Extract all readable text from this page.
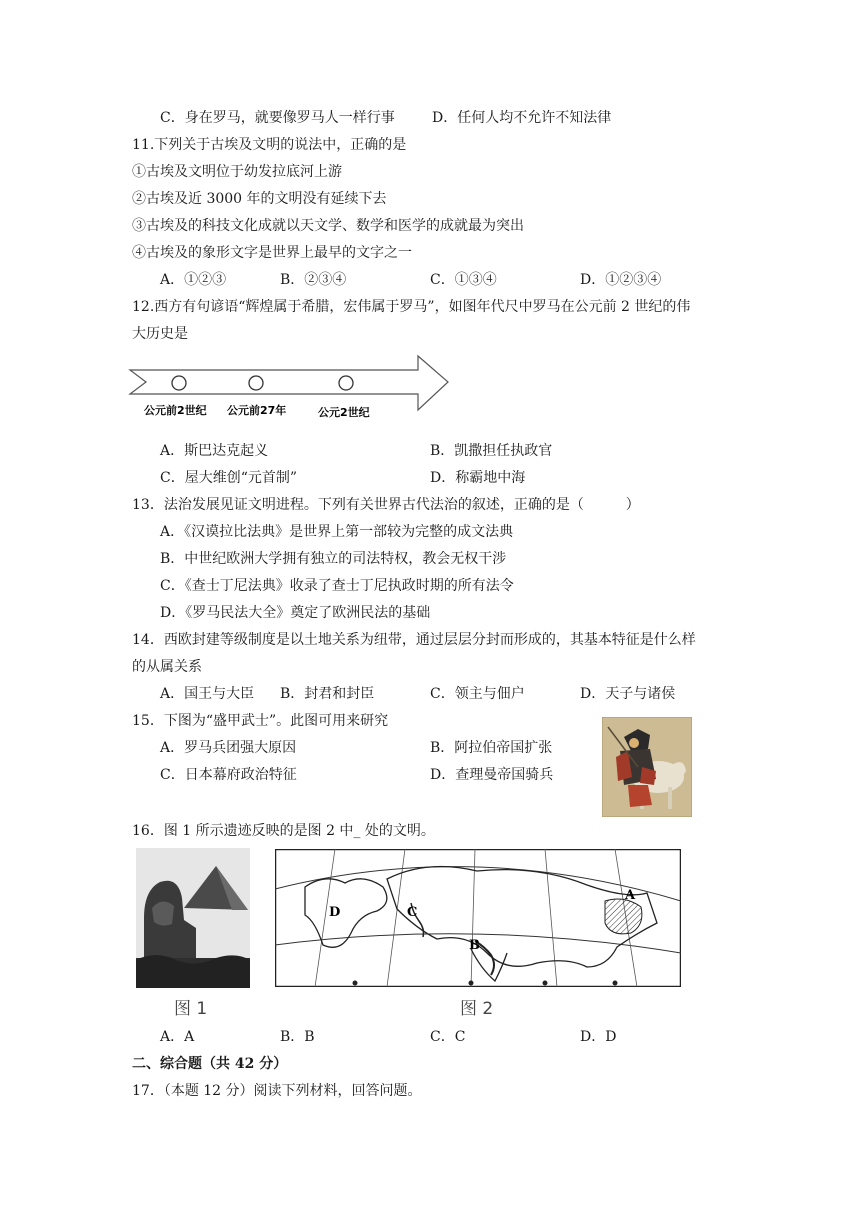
C．身在罗马，就要像罗马人一样行事	D．任何人均不允许不知法律
11.下列关于古埃及文明的说法中，正确的是
①古埃及文明位于幼发拉底河上游
②古埃及近 3000 年的文明没有延续下去
③古埃及的科技文化成就以天文学、数学和医学的成就最为突出
④古埃及的象形文字是世界上最早的文字之一
A．①②③	B．②③④	C．①③④	D．①②③④
12.西方有句谚语“辉煌属于希腊，宏伟属于罗马”，如图年代尺中罗马在公元前 2 世纪的伟
大历史是
公元前2世纪 公元前27年	公元2世纪
A．斯巴达克起义	B．凯撒担任执政官
C．屋大维创“元首制”	D．称霸地中海
13．法治发展见证文明进程。下列有关世界古代法治的叙述，正确的是（　　　）
A．《汉谟拉比法典》是世界上第一部较为完整的成文法典
B．中世纪欧洲大学拥有独立的司法特权，教会无权干涉
C．《查士丁尼法典》收录了查士丁尼执政时期的所有法令
D．《罗马民法大全》奠定了欧洲民法的基础
14．西欧封建等级制度是以土地关系为纽带，通过层层分封而形成的，其基本特征是什么样
的从属关系
A．国王与大臣 B．封君和封臣	C．领主与佃户	D．天子与诸侯
15．下图为“盛甲武士”。此图可用来研究
A．罗马兵团强大原因	B．阿拉伯帝国扩张
C．日本幕府政治特征	D．查理曼帝国骑兵
16．图 1 所示遗迹反映的是图 2 中_ 处的文明。
图 1
A
B
C
D
图 2
A．A	B．B	C．C	D．D
二、综合题（共 42 分）
17．（本题 12 分）阅读下列材料，回答问题。
